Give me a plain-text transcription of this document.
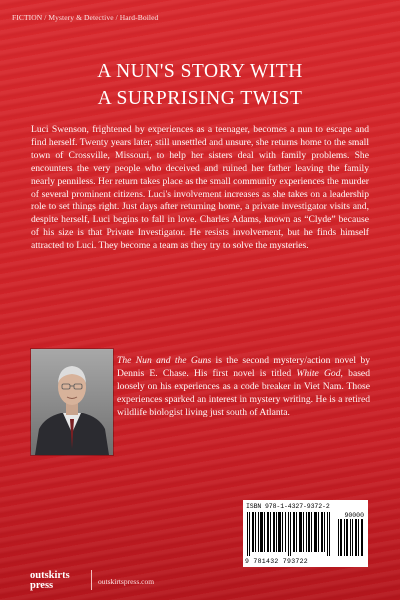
FICTION / Mystery & Detective / Hard-Boiled
A NUN'S STORY WITH
A SURPRISING TWIST
Luci Swenson, frightened by experiences as a teenager, becomes a nun to escape and find herself. Twenty years later, still unsettled and unsure, she returns home to the small town of Crossville, Missouri, to help her sisters deal with family problems. She encounters the very people who deceived and ruined her father leaving the family nearly penniless. Her return takes place as the small community experiences the murder of several prominent citizens. Luci's involvement increases as she takes on a leadership role to set things right. Just days after returning home, a private investigator visits and, despite herself, Luci begins to fall in love. Charles Adams, known as “Clyde” because of his size is that Private Investigator. He resists involvement, but he finds himself attracted to Luci. They become a team as they try to solve the mysteries.
The Nun and the Guns is the second mystery/action novel by Dennis E. Chase. His first novel is titled White God, based loosely on his experiences as a code breaker in Viet Nam. Those experiences sparked an interest in mystery writing. He is a retired wildlife biologist living just south of Atlanta.
ISBN 978-1-4327-9372-2
90000
9 781432 793722
outskirts
press	outskirtspress.com
